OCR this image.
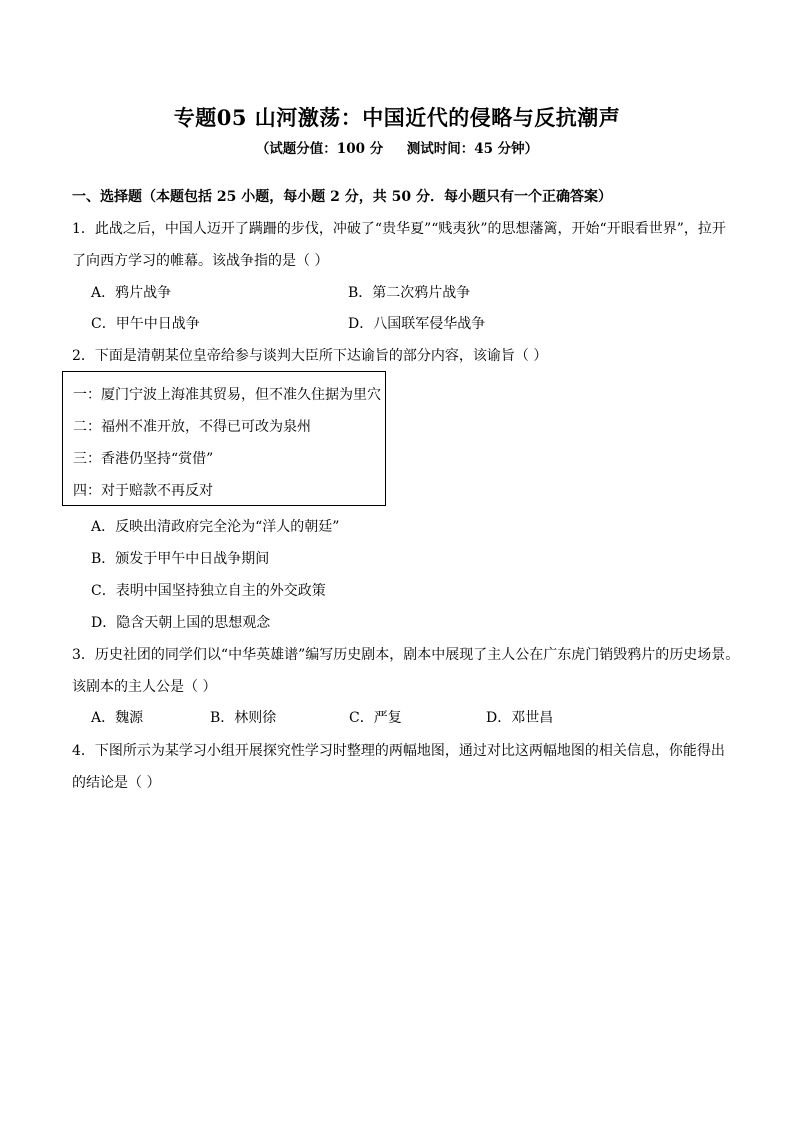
专题05 山河激荡：中国近代的侵略与反抗潮声
（试题分值：100 分     测试时间：45 分钟）
一、选择题（本题包括 25 小题，每小题 2 分，共 50 分．每小题只有一个正确答案）
1．此战之后，中国人迈开了蹒跚的步伐，冲破了“贵华夏”“贱夷狄”的思想藩篱，开始“开眼看世界”，拉开
了向西方学习的帷幕。该战争指的是（ ）
A．鸦片战争	B．第二次鸦片战争
C．甲午中日战争	D．八国联军侵华战争
2．下面是清朝某位皇帝给参与谈判大臣所下达谕旨的部分内容，该谕旨（ ）
一：厦门宁波上海准其贸易，但不准久住据为里穴
二：福州不准开放，不得已可改为泉州
三：香港仍坚持“赏借”
四：对于赔款不再反对
A．反映出清政府完全沦为“洋人的朝廷”
B．颁发于甲午中日战争期间
C．表明中国坚持独立自主的外交政策
D．隐含天朝上国的思想观念
3．历史社团的同学们以“中华英雄谱”编写历史剧本，剧本中展现了主人公在广东虎门销毁鸦片的历史场景。
该剧本的主人公是（ ）
A．魏源	B．林则徐	C．严复	D．邓世昌
4．下图所示为某学习小组开展探究性学习时整理的两幅地图，通过对比这两幅地图的相关信息，你能得出
的结论是（ ）
